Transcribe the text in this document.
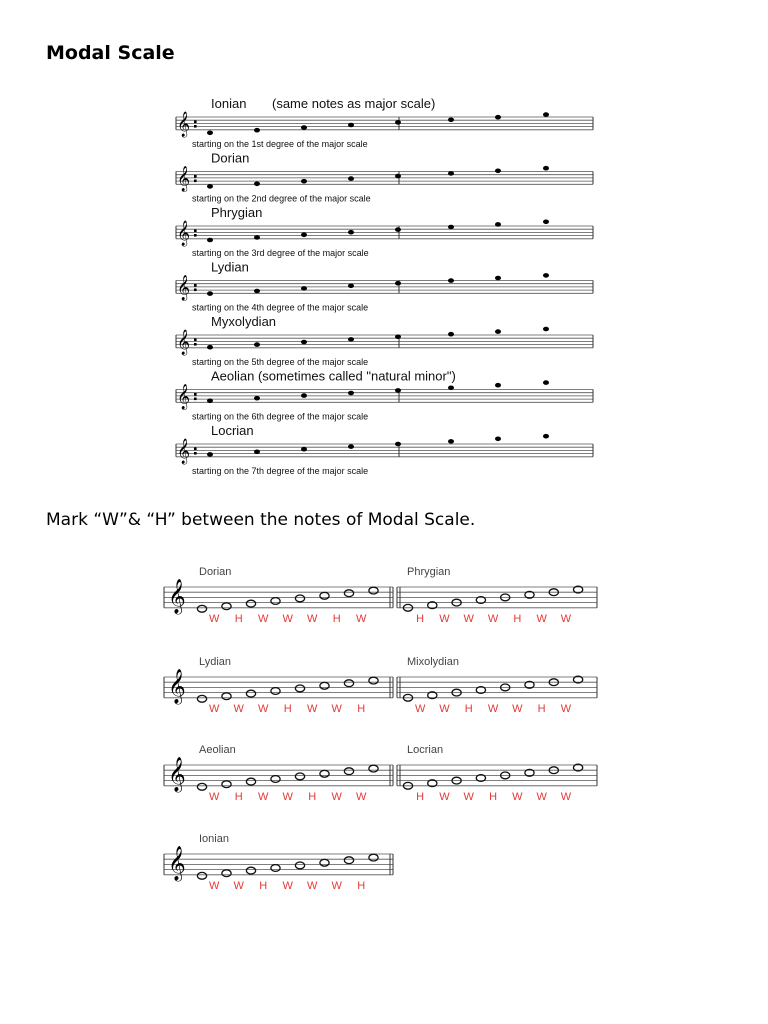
Modal Scale
Mark “W”& “H” between the notes of Modal Scale.
𝄞
Ionian (same notes as major scale)
starting on the 1st degree of the major scale
𝄞
Dorian
starting on the 2nd degree of the major scale
𝄞
Phrygian
starting on the 3rd degree of the major scale
𝄞
Lydian
starting on the 4th degree of the major scale
𝄞
Myxolydian
starting on the 5th degree of the major scale
𝄞
Aeolian (sometimes called "natural minor")
starting on the 6th degree of the major scale
𝄞
Locrian
starting on the 7th degree of the major scale
𝄞
Dorian
W H W W W H W
Phrygian
H W W W H W W
𝄞
Lydian
W W W H W W H
Mixolydian
W W H W W H W
𝄞
Aeolian
W H W W H W W
Locrian
H W W H W W W
𝄞
Ionian
W W H W W W H
